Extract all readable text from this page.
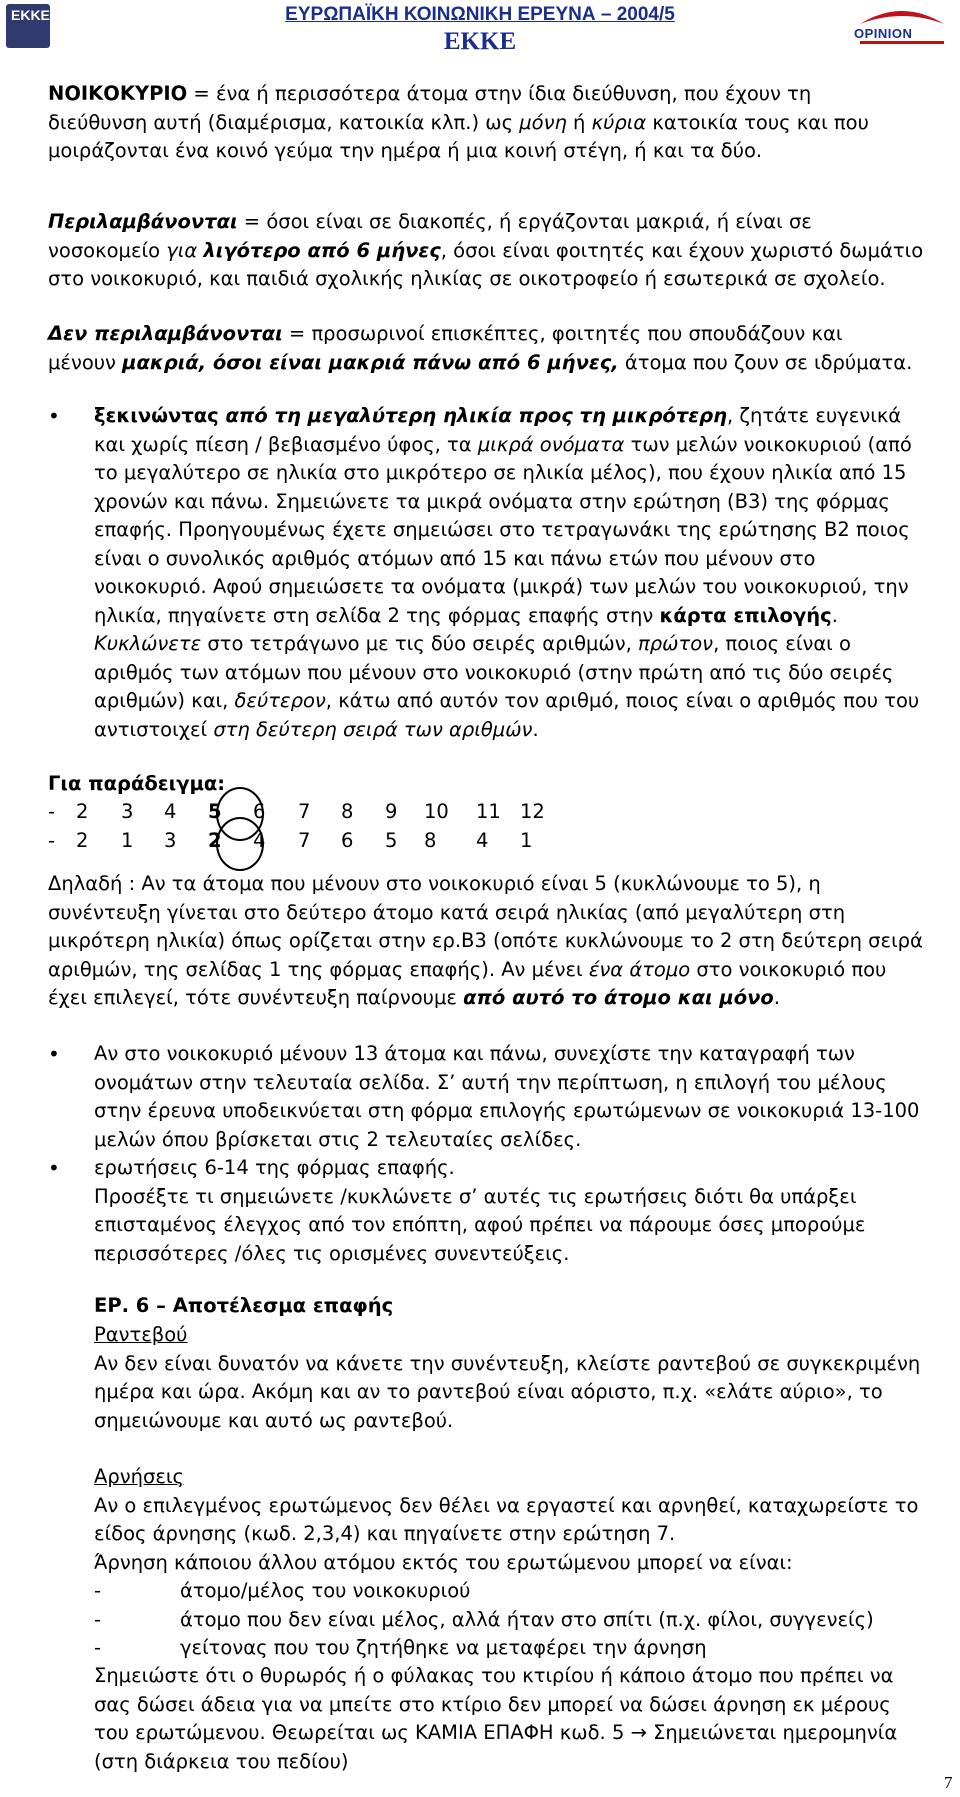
ΕΚΚΕ	ΕΥΡΩΠΑΪΚΗ ΚΟΙΝΩΝΙΚΗ ΕΡΕΥΝΑ – 2004/5
ΕΚΚΕ	OPINION
ΝΟΙΚΟΚΥΡΙΟ = ένα ή περισσότερα άτομα στην ίδια διεύθυνση, που έχουν τη
διεύθυνση αυτή (διαμέρισμα, κατοικία κλπ.) ως μόνη ή κύρια κατοικία τους και που
μοιράζονται ένα κοινό γεύμα την ημέρα ή μια κοινή στέγη, ή και τα δύο.
Περιλαμβάνονται = όσοι είναι σε διακοπές, ή εργάζονται μακριά, ή είναι σε
νοσοκομείο για λιγότερο από 6 μήνες, όσοι είναι φοιτητές και έχουν χωριστό δωμάτιο
στο νοικοκυριό, και παιδιά σχολικής ηλικίας σε οικοτροφείο ή εσωτερικά σε σχολείο.
Δεν περιλαμβάνονται = προσωρινοί επισκέπτες, φοιτητές που σπουδάζουν και
μένουν μακριά, όσοι είναι μακριά πάνω από 6 μήνες, άτομα που ζουν σε ιδρύματα.
• ξεκινώντας από τη μεγαλύτερη ηλικία προς τη μικρότερη, ζητάτε ευγενικά
και χωρίς πίεση / βεβιασμένο ύφος, τα μικρά ονόματα των μελών νοικοκυριού (από
το μεγαλύτερο σε ηλικία στο μικρότερο σε ηλικία μέλος), που έχουν ηλικία από 15
χρονών και πάνω. Σημειώνετε τα μικρά ονόματα στην ερώτηση (Β3) της φόρμας
επαφής. Προηγουμένως έχετε σημειώσει στο τετραγωνάκι της ερώτησης Β2 ποιος
είναι ο συνολικός αριθμός ατόμων από 15 και πάνω ετών που μένουν στο
νοικοκυριό. Αφού σημειώσετε τα ονόματα (μικρά) των μελών του νοικοκυριού, την
ηλικία, πηγαίνετε στη σελίδα 2 της φόρμας επαφής στην κάρτα επιλογής.
Κυκλώνετε στο τετράγωνο με τις δύο σειρές αριθμών, πρώτον, ποιος είναι ο
αριθμός των ατόμων που μένουν στο νοικοκυριό (στην πρώτη από τις δύο σειρές
αριθμών) και, δεύτερον, κάτω από αυτόν τον αριθμό, ποιος είναι ο αριθμός που του
αντιστοιχεί στη δεύτερη σειρά των αριθμών.
Για παράδειγμα:
- 2 3 4 5 6 7 8 9 10 11 12
- 2 1 3 2 4 7 6 5 8 4 1
Δηλαδή : Αν τα άτομα που μένουν στο νοικοκυριό είναι 5 (κυκλώνουμε το 5), η
συνέντευξη γίνεται στο δεύτερο άτομο κατά σειρά ηλικίας (από μεγαλύτερη στη
μικρότερη ηλικία) όπως ορίζεται στην ερ.Β3 (οπότε κυκλώνουμε το 2 στη δεύτερη σειρά
αριθμών, της σελίδας 1 της φόρμας επαφής). Αν μένει ένα άτομο στο νοικοκυριό που
έχει επιλεγεί, τότε συνέντευξη παίρνουμε από αυτό το άτομο και μόνο.
• Αν στο νοικοκυριό μένουν 13 άτομα και πάνω, συνεχίστε την καταγραφή των
ονομάτων στην τελευταία σελίδα. Σ’ αυτή την περίπτωση, η επιλογή του μέλους
στην έρευνα υποδεικνύεται στη φόρμα επιλογής ερωτώμενων σε νοικοκυριά 13-100
μελών όπου βρίσκεται στις 2 τελευταίες σελίδες.
• ερωτήσεις 6-14 της φόρμας επαφής.
Προσέξτε τι σημειώνετε /κυκλώνετε σ’ αυτές τις ερωτήσεις διότι θα υπάρξει
επισταμένος έλεγχος από τον επόπτη, αφού πρέπει να πάρουμε όσες μπορούμε
περισσότερες /όλες τις ορισμένες συνεντεύξεις.
ΕΡ. 6 – Αποτέλεσμα επαφής
Ραντεβού
Αν δεν είναι δυνατόν να κάνετε την συνέντευξη, κλείστε ραντεβού σε συγκεκριμένη
ημέρα και ώρα. Ακόμη και αν το ραντεβού είναι αόριστο, π.χ. «ελάτε αύριο», το
σημειώνουμε και αυτό ως ραντεβού.
Αρνήσεις
Αν ο επιλεγμένος ερωτώμενος δεν θέλει να εργαστεί και αρνηθεί, καταχωρείστε το
είδος άρνησης (κωδ. 2,3,4) και πηγαίνετε στην ερώτηση 7.
Άρνηση κάποιου άλλου ατόμου εκτός του ερωτώμενου μπορεί να είναι:
-
-
-
άτομο/μέλος του νοικοκυριού
άτομο που δεν είναι μέλος, αλλά ήταν στο σπίτι (π.χ. φίλοι, συγγενείς)
γείτονας που του ζητήθηκε να μεταφέρει την άρνηση
Σημειώστε ότι ο θυρωρός ή ο φύλακας του κτιρίου ή κάποιο άτομο που πρέπει να
σας δώσει άδεια για να μπείτε στο κτίριο δεν μπορεί να δώσει άρνηση εκ μέρους
του ερωτώμενου. Θεωρείται ως ΚΑΜΙΑ ΕΠΑΦΗ κωδ. 5 → Σημειώνεται ημερομηνία
(στη διάρκεια του πεδίου)
7
